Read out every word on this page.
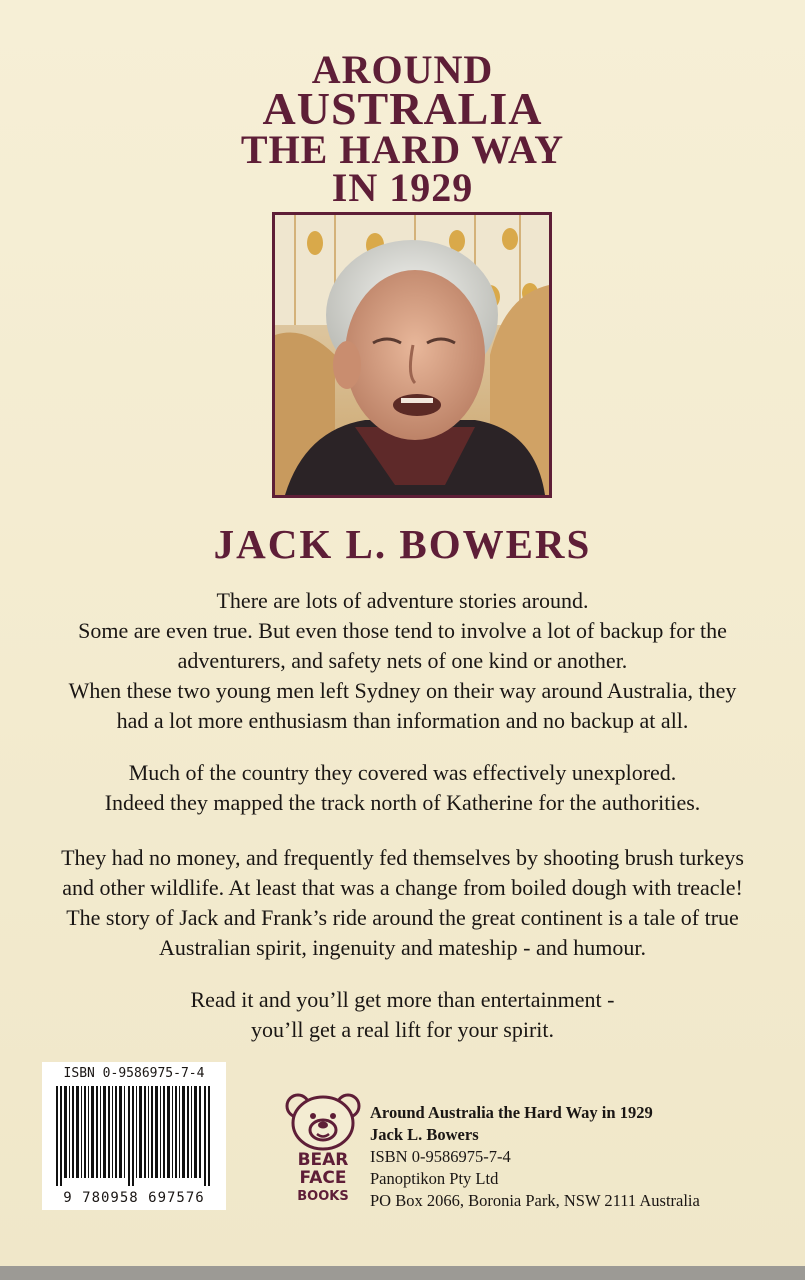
AROUND
AUSTRALIA
THE HARD WAY
IN 1929
JACK L. BOWERS

There are lots of adventure stories around.
Some are even true. But even those tend to involve a lot of backup for the
adventurers, and safety nets of one kind or another.
When these two young men left Sydney on their way around Australia, they
had a lot more enthusiasm than information and no backup at all.

Much of the country they covered was effectively unexplored.
Indeed they mapped the track north of Katherine for the authorities.

They had no money, and frequently fed themselves by shooting brush turkeys
and other wildlife. At least that was a change from boiled dough with treacle!
The story of Jack and Frank’s ride around the great continent is a tale of true
Australian spirit, ingenuity and mateship - and humour.

Read it and you’ll get more than entertainment -
you’ll get a real lift for your spirit.

ISBN 0-9586975-7-4
9 780958 697576
BEAR
FACE
BOOKS
Around Australia the Hard Way in 1929
Jack L. Bowers
ISBN 0-9586975-7-4
Panoptikon Pty Ltd
PO Box 2066, Boronia Park, NSW 2111 Australia
